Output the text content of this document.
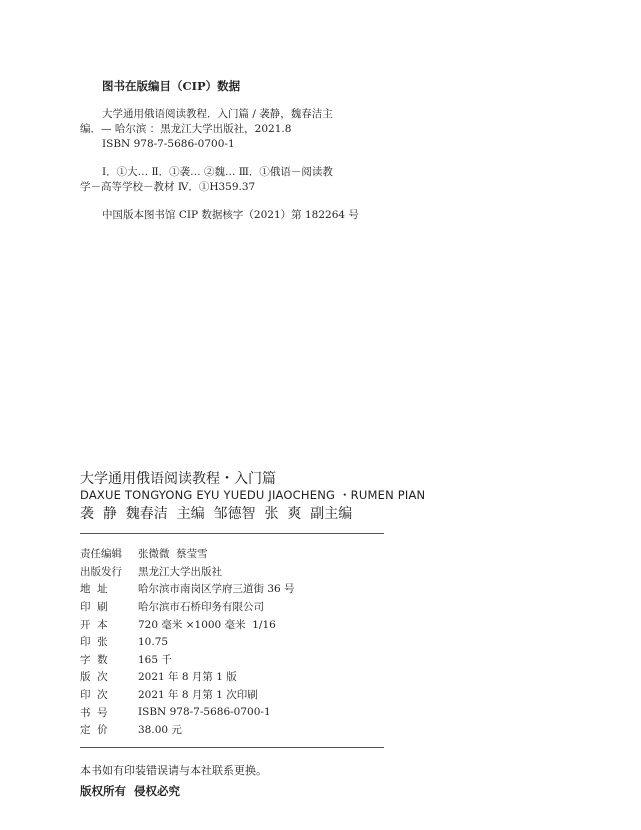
图书在版编目（CIP）数据
大学通用俄语阅读教程．入门篇 / 袭静，魏春洁主
编．— 哈尔滨 ：黑龙江大学出版社，2021.8
ISBN 978-7-5686-0700-1
Ⅰ．①大… Ⅱ．①袭… ②魏… Ⅲ．①俄语－阅读教
学－高等学校－教材 Ⅳ．①H359.37
中国版本图书馆 CIP 数据核字（2021）第 182264 号
大学通用俄语阅读教程・入门篇
DAXUE TONGYONG EYU YUEDU JIAOCHENG ・RUMEN PIAN
袭  静  魏春洁  主编  邹德智  张  爽  副主编
责任编辑	张微微  蔡莹雪
出版发行	黑龙江大学出版社
地  址	哈尔滨市南岗区学府三道街 36 号
印  刷	哈尔滨市石桥印务有限公司
开  本	720 毫米 ×1000 毫米  1/16
印  张	10.75
字  数	165 千
版  次	2021 年 8 月第 1 版
印  次	2021 年 8 月第 1 次印刷
书  号	ISBN 978-7-5686-0700-1
定  价	38.00 元
本书如有印装错误请与本社联系更换。
版权所有  侵权必究
